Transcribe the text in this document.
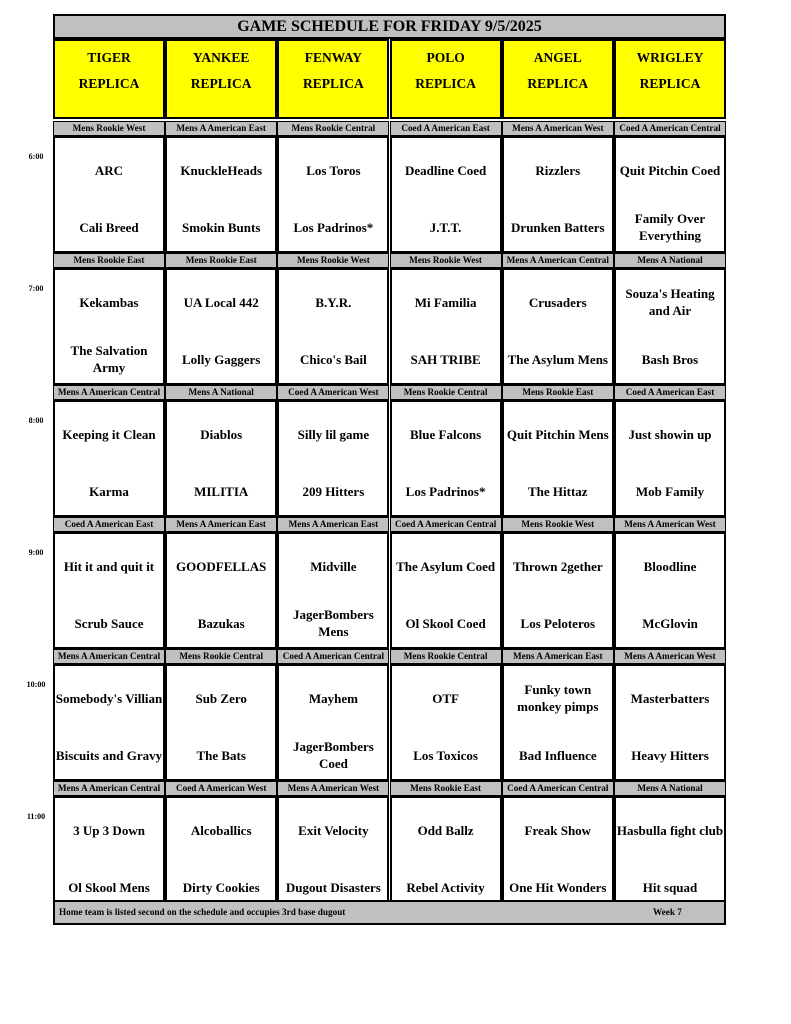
GAME SCHEDULE FOR FRIDAY 9/5/2025
TIGER
REPLICA
YANKEE
REPLICA
FENWAY
REPLICA
POLO
REPLICA
ANGEL
REPLICA
WRIGLEY
REPLICA
Mens Rookie West
ARC
Cali Breed
Mens A American East
KnuckleHeads
Smokin Bunts
Mens Rookie Central
Los Toros
Los Padrinos*
Coed A American East
Deadline Coed
J.T.T.
Mens A American West
Rizzlers
Drunken Batters
Coed A American Central
Quit Pitchin Coed
Family Over Everything
Mens Rookie East
Kekambas
The Salvation Army
Mens Rookie East
UA Local 442
Lolly Gaggers
Mens Rookie West
B.Y.R.
Chico's Bail
Mens Rookie West
Mi Familia
SAH TRIBE
Mens A American Central
Crusaders
The Asylum Mens
Mens A National
Souza's Heating and Air
Bash Bros
Mens A American Central
Keeping it Clean
Karma
Mens A National
Diablos
MILITIA
Coed A American West
Silly lil game
209 Hitters
Mens Rookie Central
Blue Falcons
Los Padrinos*
Mens Rookie East
Quit Pitchin Mens
The Hittaz
Coed A American East
Just showin up
Mob Family
Coed A American East
Hit it and quit it
Scrub Sauce
Mens A American East
GOODFELLAS
Bazukas
Mens A American East
Midville
JagerBombers Mens
Coed A American Central
The Asylum Coed
Ol Skool Coed
Mens Rookie West
Thrown 2gether
Los Peloteros
Mens A American West
Bloodline
McGlovin
Mens A American Central
Somebody's Villian
Biscuits and Gravy
Mens Rookie Central
Sub Zero
The Bats
Coed A American Central
Mayhem
JagerBombers Coed
Mens Rookie Central
OTF
Los Toxicos
Mens A American East
Funky town monkey pimps
Bad Influence
Mens A American West
Masterbatters
Heavy Hitters
Mens A American Central
3 Up 3 Down
Ol Skool Mens
Coed A American West
Alcoballics
Dirty Cookies
Mens A American West
Exit Velocity
Dugout Disasters
Mens Rookie East
Odd Ballz
Rebel Activity
Coed A American Central
Freak Show
One Hit Wonders
Mens A National
Hasbulla fight club
Hit squad
Home team is listed second on the schedule and occupies 3rd base dugout	Week 7
6:00
7:00
8:00
9:00
10:00
11:00
